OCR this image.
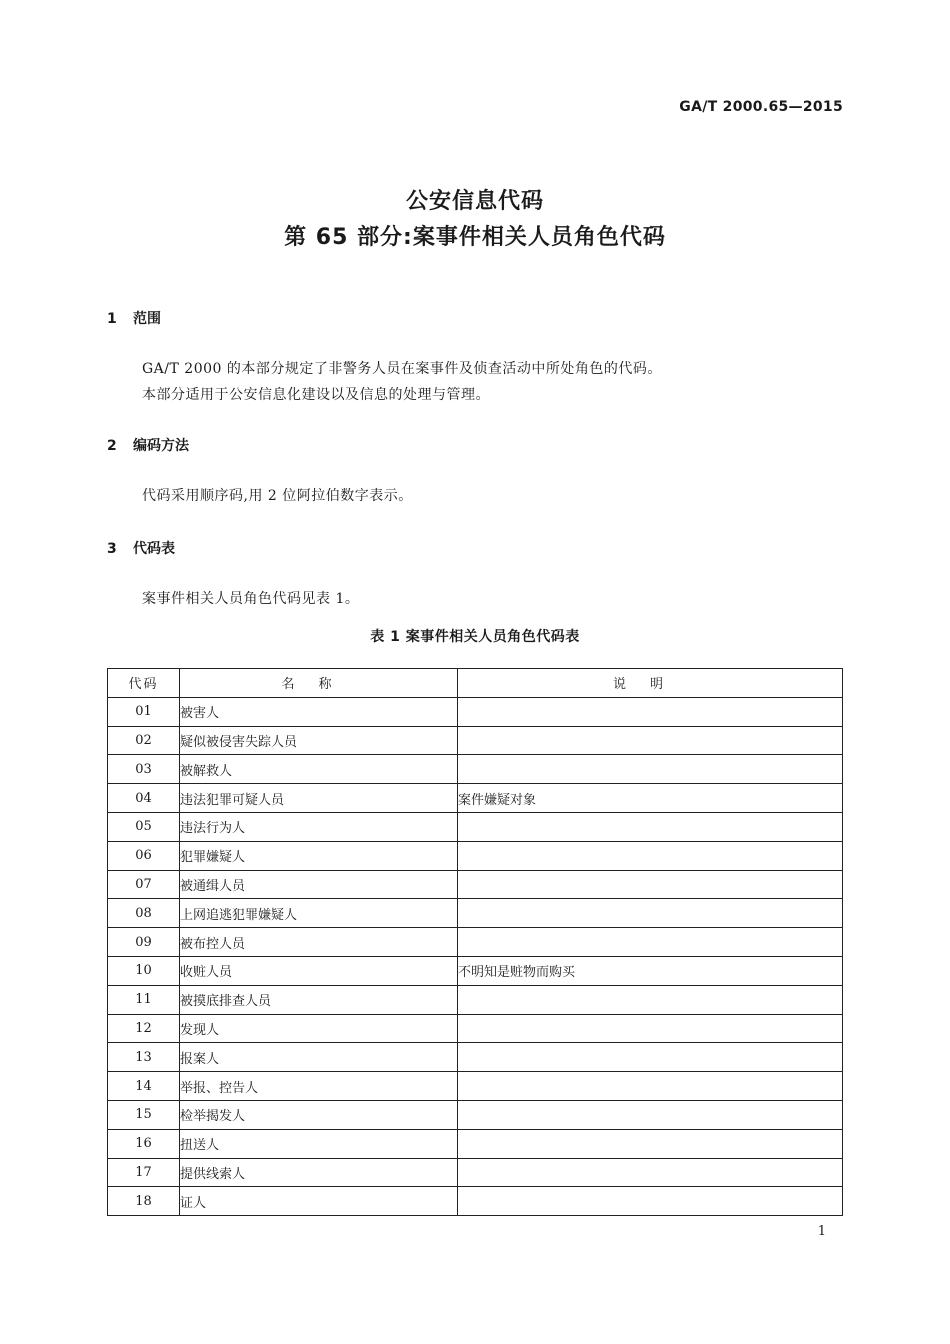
GA/T 2000.65—2015
公安信息代码
第 65 部分:案事件相关人员角色代码
1 范围
GA/T 2000 的本部分规定了非警务人员在案事件及侦查活动中所处角色的代码。
本部分适用于公安信息化建设以及信息的处理与管理。
2 编码方法
代码采用顺序码,用 2 位阿拉伯数字表示。
3 代码表
案事件相关人员角色代码见表 1。
表 1 案事件相关人员角色代码表
代码	名称	说明
01	被害人	
02	疑似被侵害失踪人员	
03	被解救人	
04	违法犯罪可疑人员	案件嫌疑对象
05	违法行为人	
06	犯罪嫌疑人	
07	被通缉人员	
08	上网追逃犯罪嫌疑人	
09	被布控人员	
10	收赃人员	不明知是赃物而购买
11	被摸底排查人员	
12	发现人	
13	报案人	
14	举报、控告人	
15	检举揭发人	
16	扭送人	
17	提供线索人	
18	证人	
1
